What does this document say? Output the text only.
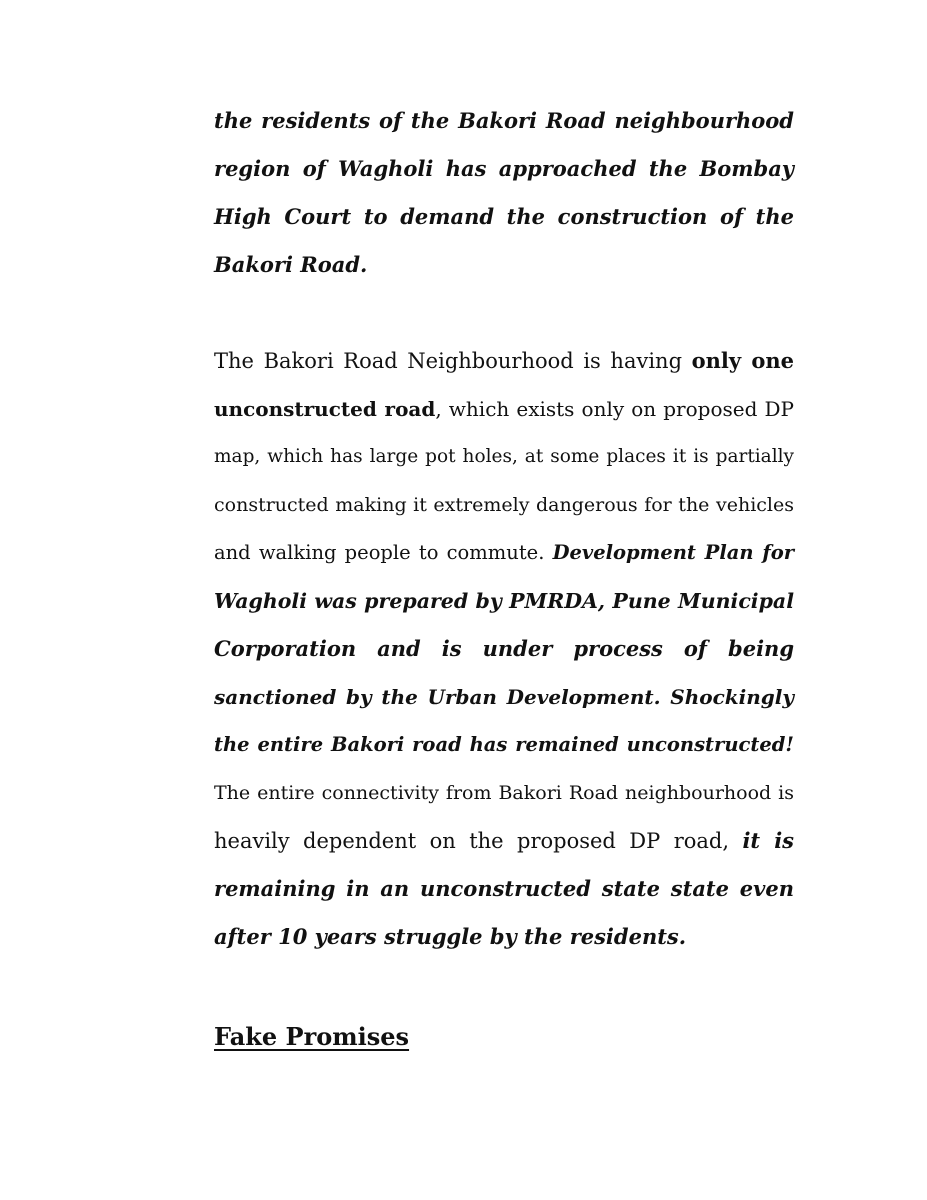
the residents of the Bakori Road neighbourhood
region of Wagholi has approached the Bombay
High Court to demand the construction of the
Bakori Road.

The Bakori Road Neighbourhood is having only one
unconstructed road, which exists only on proposed DP
map, which has large pot holes, at some places it is partially
constructed making it extremely dangerous for the vehicles
and walking people to commute. Development Plan for
Wagholi was prepared by PMRDA, Pune Municipal
Corporation and is under process of being
sanctioned by the Urban Development. Shockingly
the entire Bakori road has remained unconstructed!
The entire connectivity from Bakori Road neighbourhood is
heavily dependent on the proposed DP road, it is
remaining in an unconstructed state state even
after 10 years struggle by the residents.

Fake Promises
